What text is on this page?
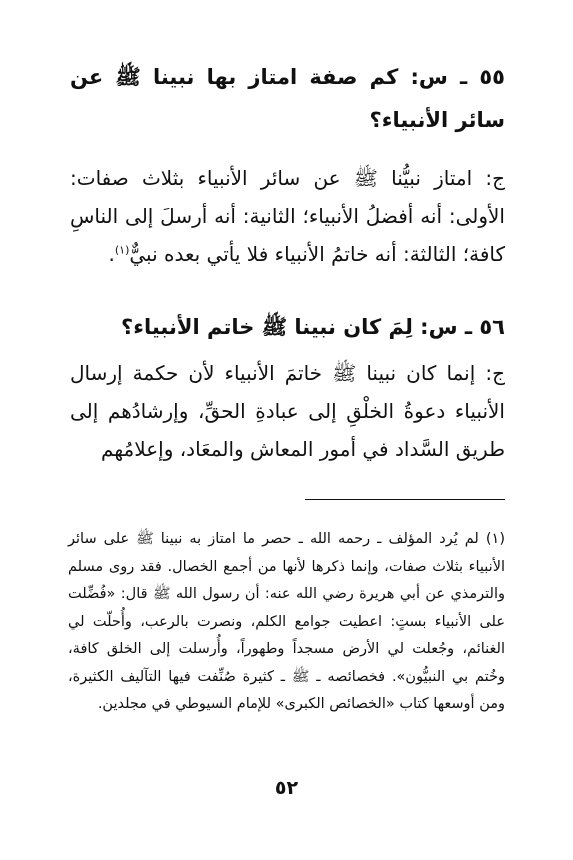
٥٥ ـ س: كم صفة امتاز بها نبينا ﷺ عن سائر الأنبياء؟

ج: امتاز نبيُّنا ﷺ عن سائر الأنبياء بثلاث صفات: الأولى: أنه أفضلُ الأنبياء؛ الثانية: أنه أرسلَ إلى الناسِ كافة؛ الثالثة: أنه خاتمُ الأنبياء فلا يأتي بعده نبيٌّ$^{(١)}$.

٥٦ ـ س: لِمَ كان نبينا ﷺ خاتم الأنبياء؟

ج: إنما كان نبينا ﷺ خاتمَ الأنبياء لأن حكمة إرسال الأنبياء دعوةُ الخلْقِ إلى عبادةِ الحقِّ، وإرشادُهم إلى طريق السَّداد في أمور المعاش والمعَاد، وإعلامُهم

(١) لم يُرد المؤلف ـ رحمه الله ـ حصر ما امتاز به نبينا ﷺ على سائر الأنبياء بثلاث صفات، وإنما ذكرها لأنها من أجمع الخصال. فقد روى مسلم والترمذي عن أبي هريرة رضي الله عنه: أن رسول الله ﷺ قال: «فُضِّلت على الأنبياء بستٍ: اعطيت جوامع الكلم، ونصرت بالرعب، وأُحلّت لي الغنائم، وجُعلت لي الأرض مسجداً وطهوراً، وأُرسلت إلى الخلق كافة، وخُتم بي النبيُّون». فخصائصه ـ ﷺ ـ كثيرة صُنِّفت فيها التآليف الكثيرة، ومن أوسعها كتاب «الخصائص الكبرى» للإمام السيوطي في مجلدين.

٥٢
